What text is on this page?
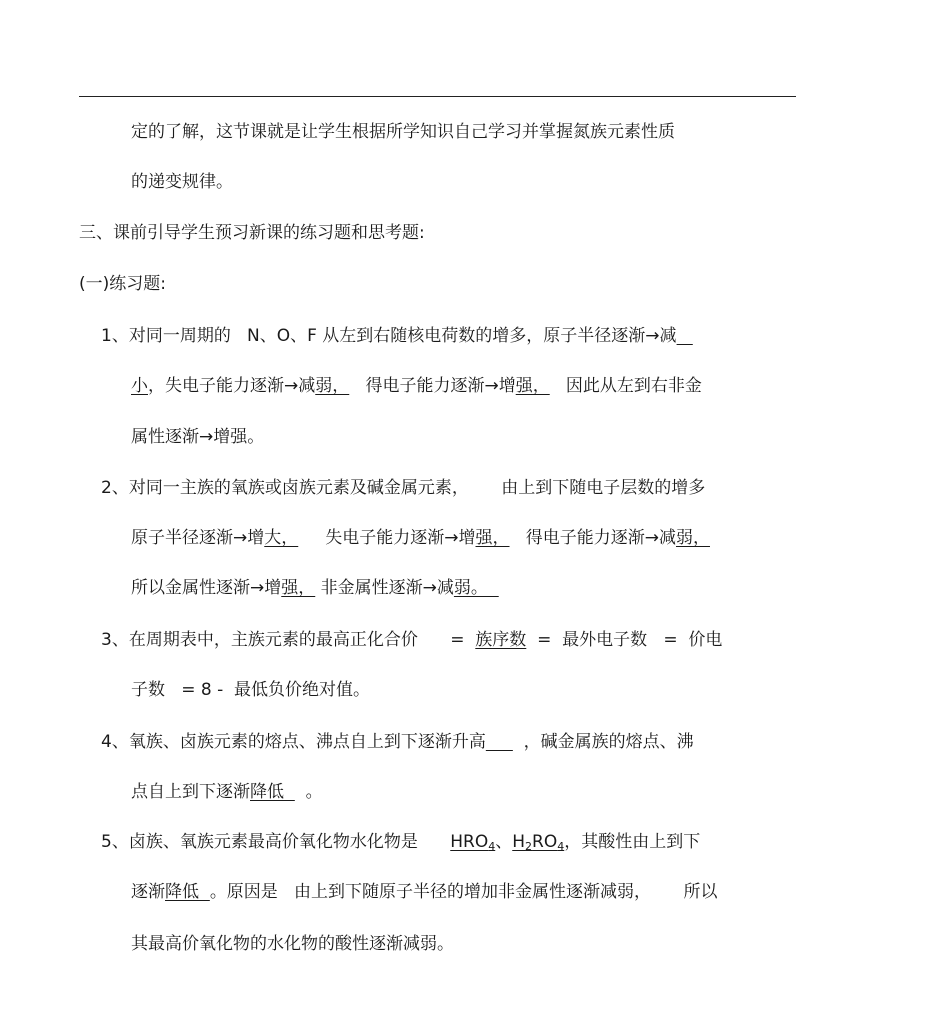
定的了解，这节课就是让学生根据所学知识自己学习并掌握氮族元素性质
的递变规律。
三、课前引导学生预习新课的练习题和思考题:
(一)练习题:
1、对同一周期的   N、O、F 从左到右随核电荷数的增多，原子半径逐渐→减
小，失电子能力逐渐→减弱，   得电子能力逐渐→增强，   因此从左到右非金
属性逐渐→增强。
2、对同一主族的氧族或卤族元素及碱金属元素，      由上到下随电子层数的增多
原子半径逐渐→增大，     失电子能力逐渐→增强，   得电子能力逐渐→减弱，
所以金属性逐渐→增强， 非金属性逐渐→减弱。
3、在周期表中，主族元素的最高正化合价      =  族序数  =  最外电子数   =  价电
子数   = 8 -  最低负价绝对值。
4、氧族、卤族元素的熔点、沸点自上到下逐渐升高       ，碱金属族的熔点、沸
点自上到下逐渐降低    。
5、卤族、氧族元素最高价氧化物水化物是      $HRO_4$、$H_2RO_4$，其酸性由上到下
逐渐降低  。原因是   由上到下随原子半径的增加非金属性逐渐减弱，      所以
其最高价氧化物的水化物的酸性逐渐减弱。
